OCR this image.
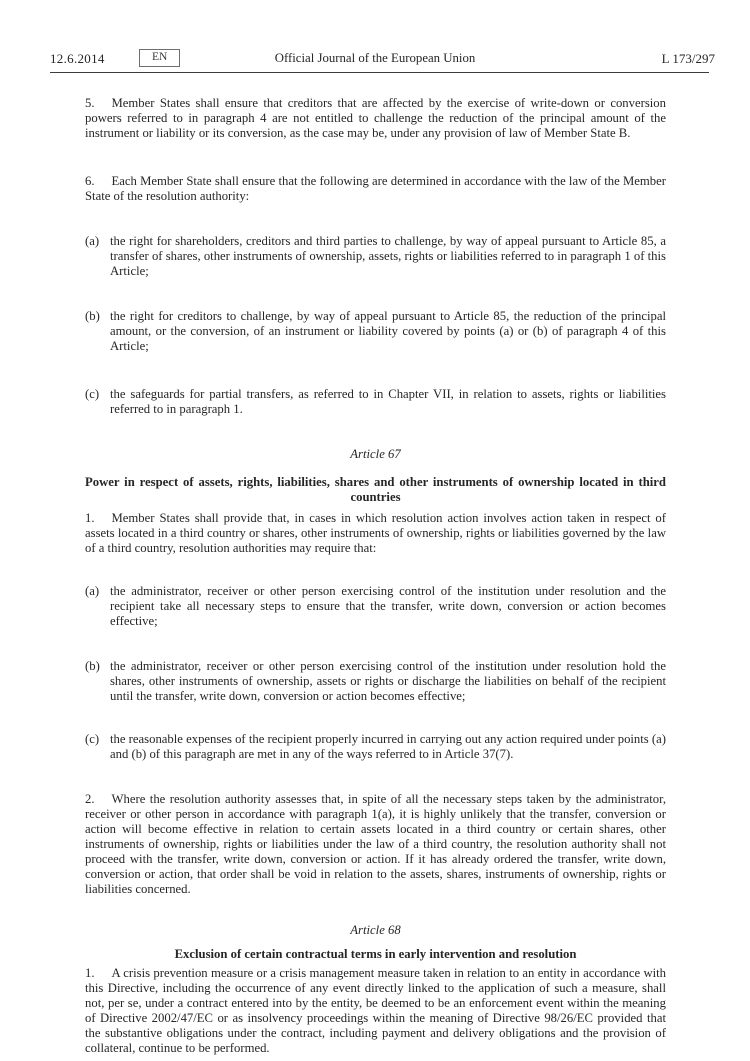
12.6.2014	EN	Official Journal of the European Union	L 173/297

5. Member States shall ensure that creditors that are affected by the exercise of write-down or conversion powers referred to in paragraph 4 are not entitled to challenge the reduction of the principal amount of the instrument or liability or its conversion, as the case may be, under any provision of law of Member State B.

6. Each Member State shall ensure that the following are determined in accordance with the law of the Member State of the resolution authority:

(a) the right for shareholders, creditors and third parties to challenge, by way of appeal pursuant to Article 85, a transfer of shares, other instruments of ownership, assets, rights or liabilities referred to in paragraph 1 of this Article;
(b) the right for creditors to challenge, by way of appeal pursuant to Article 85, the reduction of the principal amount, or the conversion, of an instrument or liability covered by points (a) or (b) of paragraph 4 of this Article;
(c) the safeguards for partial transfers, as referred to in Chapter VII, in relation to assets, rights or liabilities referred to in paragraph 1.
Article 67
Power in respect of assets, rights, liabilities, shares and other instruments of ownership located in third countries

1. Member States shall provide that, in cases in which resolution action involves action taken in respect of assets located in a third country or shares, other instruments of ownership, rights or liabilities governed by the law of a third country, resolution authorities may require that:

(a) the administrator, receiver or other person exercising control of the institution under resolution and the recipient take all necessary steps to ensure that the transfer, write down, conversion or action becomes effective;
(b) the administrator, receiver or other person exercising control of the institution under resolution hold the shares, other instruments of ownership, assets or rights or discharge the liabilities on behalf of the recipient until the transfer, write down, conversion or action becomes effective;
(c) the reasonable expenses of the recipient properly incurred in carrying out any action required under points (a) and (b) of this paragraph are met in any of the ways referred to in Article 37(7).

2. Where the resolution authority assesses that, in spite of all the necessary steps taken by the administrator, receiver or other person in accordance with paragraph 1(a), it is highly unlikely that the transfer, conversion or action will become effective in relation to certain assets located in a third country or certain shares, other instruments of ownership, rights or liabilities under the law of a third country, the resolution authority shall not proceed with the transfer, write down, conversion or action. If it has already ordered the transfer, write down, conversion or action, that order shall be void in relation to the assets, shares, instruments of ownership, rights or liabilities concerned.

Article 68
Exclusion of certain contractual terms in early intervention and resolution

1. A crisis prevention measure or a crisis management measure taken in relation to an entity in accordance with this Directive, including the occurrence of any event directly linked to the application of such a measure, shall not, per se, under a contract entered into by the entity, be deemed to be an enforcement event within the meaning of Directive 2002/47/EC or as insolvency proceedings within the meaning of Directive 98/26/EC provided that the substantive obligations under the contract, including payment and delivery obligations and the provision of collateral, continue to be performed.
